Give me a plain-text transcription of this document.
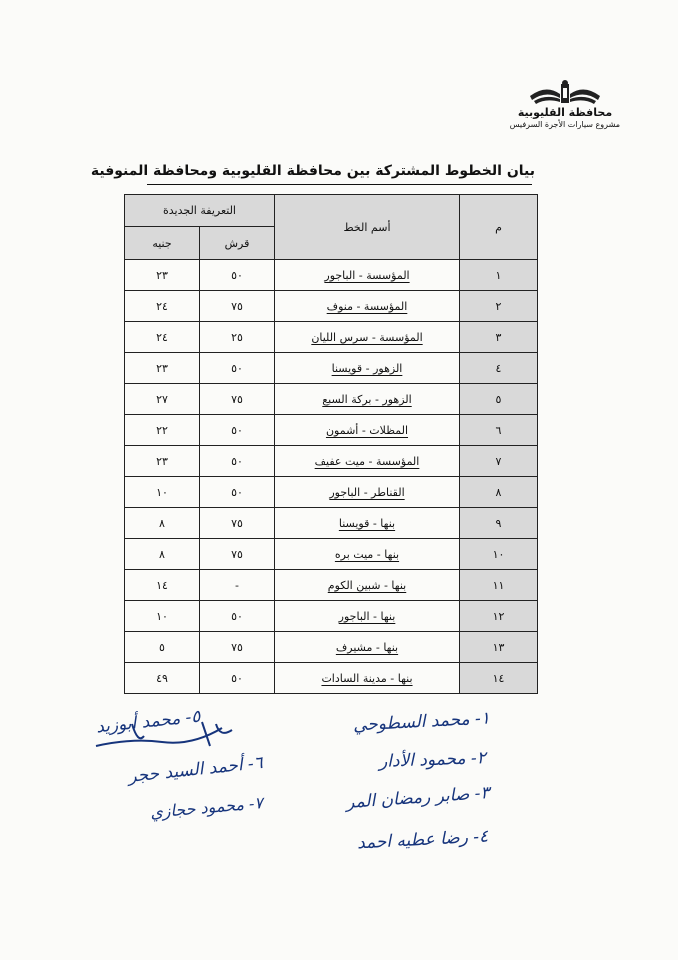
محافظة القليوبية
مشروع سيارات الأجرة السرفيس
بيان الخطوط المشتركة بين محافظة القليوبية ومحافظة المنوفية
م	أسم الخط	التعريفة الجديدة	
		قرش	جنيه
١	المؤسسة - الباجور	٥٠	٢٣
٢	المؤسسة - منوف	٧٥	٢٤
٣	المؤسسة - سرس الليان	٢٥	٢٤
٤	الزهور - قويسنا	٥٠	٢٣
٥	الزهور - بركة السبع	٧٥	٢٧
٦	المظلات - أشمون	٥٠	٢٢
٧	المؤسسة - ميت عفيف	٥٠	٢٣
٨	القناطر - الباجور	٥٠	١٠
٩	بنها - قويسنا	٧٥	٨
١٠	بنها - ميت بره	٧٥	٨
١١	بنها - شبين الكوم	-	١٤
١٢	بنها - الباجور	٥٠	١٠
١٣	بنها - مشيرف	٧٥	٥
١٤	بنها - مدينة السادات	٥٠	٤٩
١- محمد السطوحي
٢- محمود الأدار
٣- صابر رمضان المر
٤- رضا عطيه احمد
٥- محمد أبوزيد
٦- أحمد السيد حجر
٧- محمود حجازي
